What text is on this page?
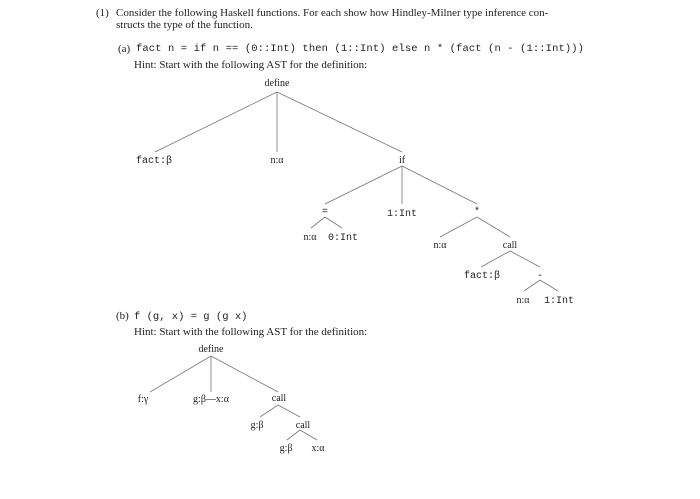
(1) Consider the following Haskell functions. For each show how Hindley-Milner type inference con-
structs the type of the function.
(a) fact n = if n == (0::Int) then (1::Int) else n * (fact (n - (1::Int)))
Hint: Start with the following AST for the definition:
define
fact:β	n:α	if
=	1:Int	*
n:α 0:Int
n:α	call
fact:β	-
n:α 1:Int
(b) f (g, x) = g (g x)
Hint: Start with the following AST for the definition:
define
f:γ	g:β—x:α	call
g:β	call
g:β x:α
